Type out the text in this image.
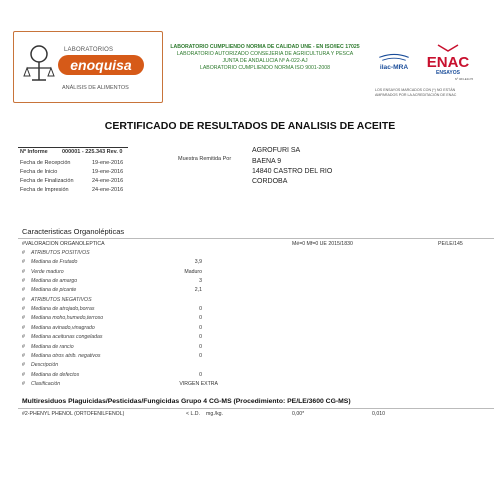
LABORATORIOS
enoquisa
ANÁLISIS DE ALIMENTOS
LABORATORIO CUMPLIENDO NORMA DE CALIDAD UNE - EN ISO/IEC 17025
LABORATORIO AUTORIZADO CONSEJERIA DE AGRICULTURA Y PESCA
JUNTA DE ANDALUCIA Nº A-022-AJ
LABORATORIO CUMPLIENDO NORMA ISO 9001-2008	ilac-MRA ENAC
ENSAYOS
Nº 46/LE1176
LOS ENSAYOS MARCADOS CON (*) NO ESTÁN
AMPARADOS POR LA ACREDITACIÓN DE ENAC
CERTIFICADO DE RESULTADOS DE ANALISIS DE ACEITE
Nº Informe	000001 - 225.343 Rev. 0
Fecha de Recepción	19-ene-2016
Fecha de Inicio	19-ene-2016
Fecha de Finalización	24-ene-2016
Fecha de Impresión	24-ene-2016
Muestra Remitida Por
AGROFURI SA
BAENA 9
14840 CASTRO DEL RIO
CORDOBA
Caracteristicas Organolépticas
#VALORACION ORGANOLEPTICA	Mé=0 Mf=0 UE 2015/1830	PE/LE/145
# ATRIBUTOS POSITIVOS
# Mediana de Frutado	3,9
# Verde maduro	Maduro
# Mediana de amargo	3
# Mediana de picante	2,1
# ATRIBUTOS NEGATIVOS
# Mediana de atrojado,borras	0
# Mediana moho,humedo,terroso	0
# Mediana avinado,vinagrado	0
# Mediana aceitunas congeladas	0
# Mediana de rancio	0
# Mediana otros atrib. negativos	0
# Descripción
# Mediana de defectos	0
# Clasificación	VIRGEN EXTRA
Multiresiduos Plaguicidas/Pesticidas/Fungicidas Grupo 4 CG-MS (Procedimiento: PE/LE/3600 CG-MS)
#2-PHENYL PHENOL (ORTOFENILFENOL)	< L.D. mg./kg.	0,00*	0,010
